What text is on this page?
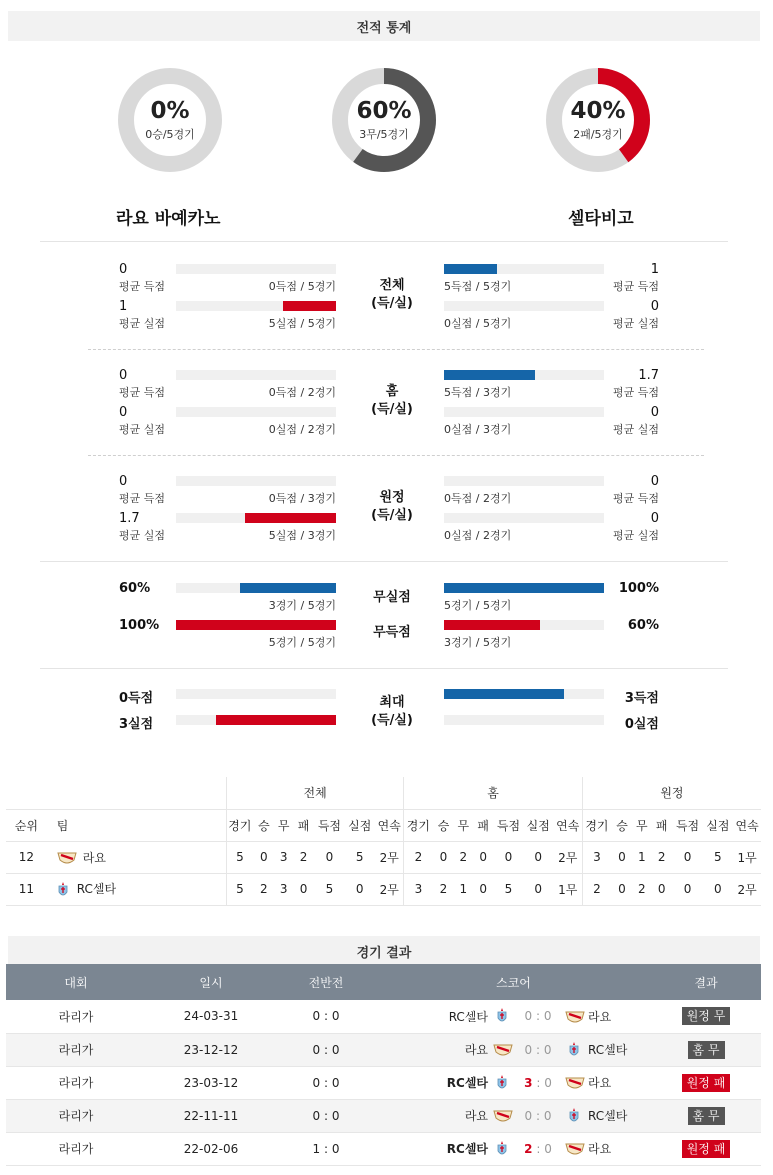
전적 통계
0%
0승/5경기
60%
3무/5경기
40%
2패/5경기
라요 바예카노	셀타비고
0
평균 득점	0득점 / 5경기	5득점 / 5경기
1
평균 득점
1
평균 실점	5실점 / 5경기	0실점 / 5경기
0
평균 실점
전체
(득/실)
0
평균 득점	0득점 / 2경기	5득점 / 3경기
1.7
평균 득점
0
평균 실점	0실점 / 2경기	0실점 / 3경기
0
평균 실점
홈
(득/실)
0
평균 득점	0득점 / 3경기	0득점 / 2경기
0
평균 득점
1.7
평균 실점	5실점 / 3경기	0실점 / 2경기
0
평균 실점
원정
(득/실)
60%
3경기 / 5경기	5경기 / 5경기
100%
100%
5경기 / 5경기	3경기 / 5경기
60%
무실점
무득점
0득점	3득점
3실점	0실점
최대
(득/실)
		전체							홈							원정						
순위	팀	경기	승	무	패	득점	실점	연속	경기	승	무	패	득점	실점	연속	경기	승	무	패	득점	실점	연속
12	라요	5	0	3	2	0	5	2무	2	0	2	0	0	0	2무	3	0	1	2	0	5	1무
11	RC셀타	5	2	3	0	5	0	2무	3	2	1	0	5	0	1무	2	0	2	0	0	0	2무
경기 결과
대회	일시	전반전	스코어	결과
라리가	24-03-31	0 : 0	RC셀타 0 : 0 라요	원정 무
라리가	23-12-12	0 : 0	라요 0 : 0 RC셀타	홈 무
라리가	23-03-12	0 : 0	RC셀타 3 : 0 라요	원정 패
라리가	22-11-11	0 : 0	라요 0 : 0 RC셀타	홈 무
라리가	22-02-06	1 : 0	RC셀타 2 : 0 라요	원정 패
